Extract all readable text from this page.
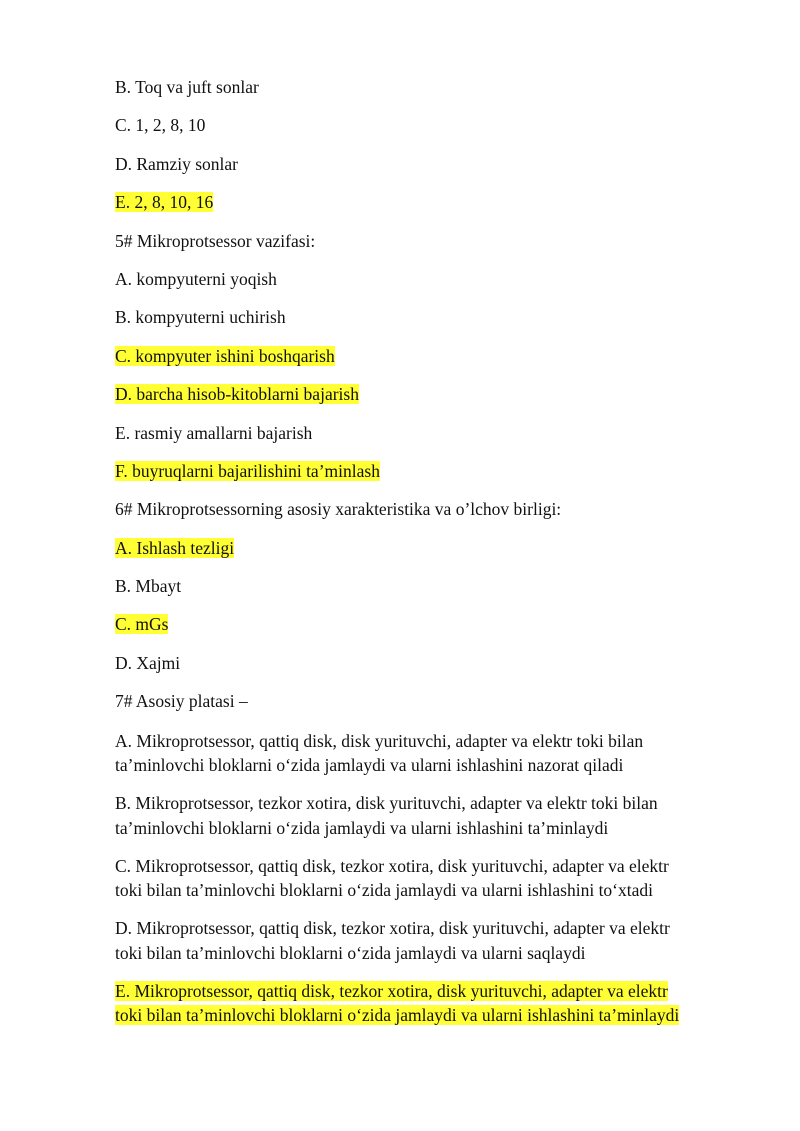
B. Toq va juft sonlar
C. 1, 2, 8, 10
D. Ramziy sonlar
E. 2, 8, 10, 16
5# Mikroprotsessor vazifasi:
A. kompyuterni yoqish
B. kompyuterni uchirish
C. kompyuter ishini boshqarish
D. barcha hisob-kitoblarni bajarish
E. rasmiy amallarni bajarish
F. buyruqlarni bajarilishini ta’minlash
6# Mikroprotsessorning asosiy xarakteristika va o’lchov birligi:
A. Ishlash tezligi
B. Mbayt
C. mGs
D. Xajmi
7# Asosiy platasi –
A. Mikroprotsessor, qattiq disk, disk yurituvchi, adapter va elektr toki bilan
ta’minlovchi bloklarni o‘zida jamlaydi va ularni ishlashini nazorat qiladi
B. Mikroprotsessor, tezkor xotira, disk yurituvchi, adapter va elektr toki bilan
ta’minlovchi bloklarni o‘zida jamlaydi va ularni ishlashini ta’minlaydi
C. Mikroprotsessor, qattiq disk, tezkor xotira, disk yurituvchi, adapter va elektr
toki bilan ta’minlovchi bloklarni o‘zida jamlaydi va ularni ishlashini to‘xtadi
D. Mikroprotsessor, qattiq disk, tezkor xotira, disk yurituvchi, adapter va elektr
toki bilan ta’minlovchi bloklarni o‘zida jamlaydi va ularni saqlaydi
E. Mikroprotsessor, qattiq disk, tezkor xotira, disk yurituvchi, adapter va elektr
toki bilan ta’minlovchi bloklarni o‘zida jamlaydi va ularni ishlashini ta’minlaydi
